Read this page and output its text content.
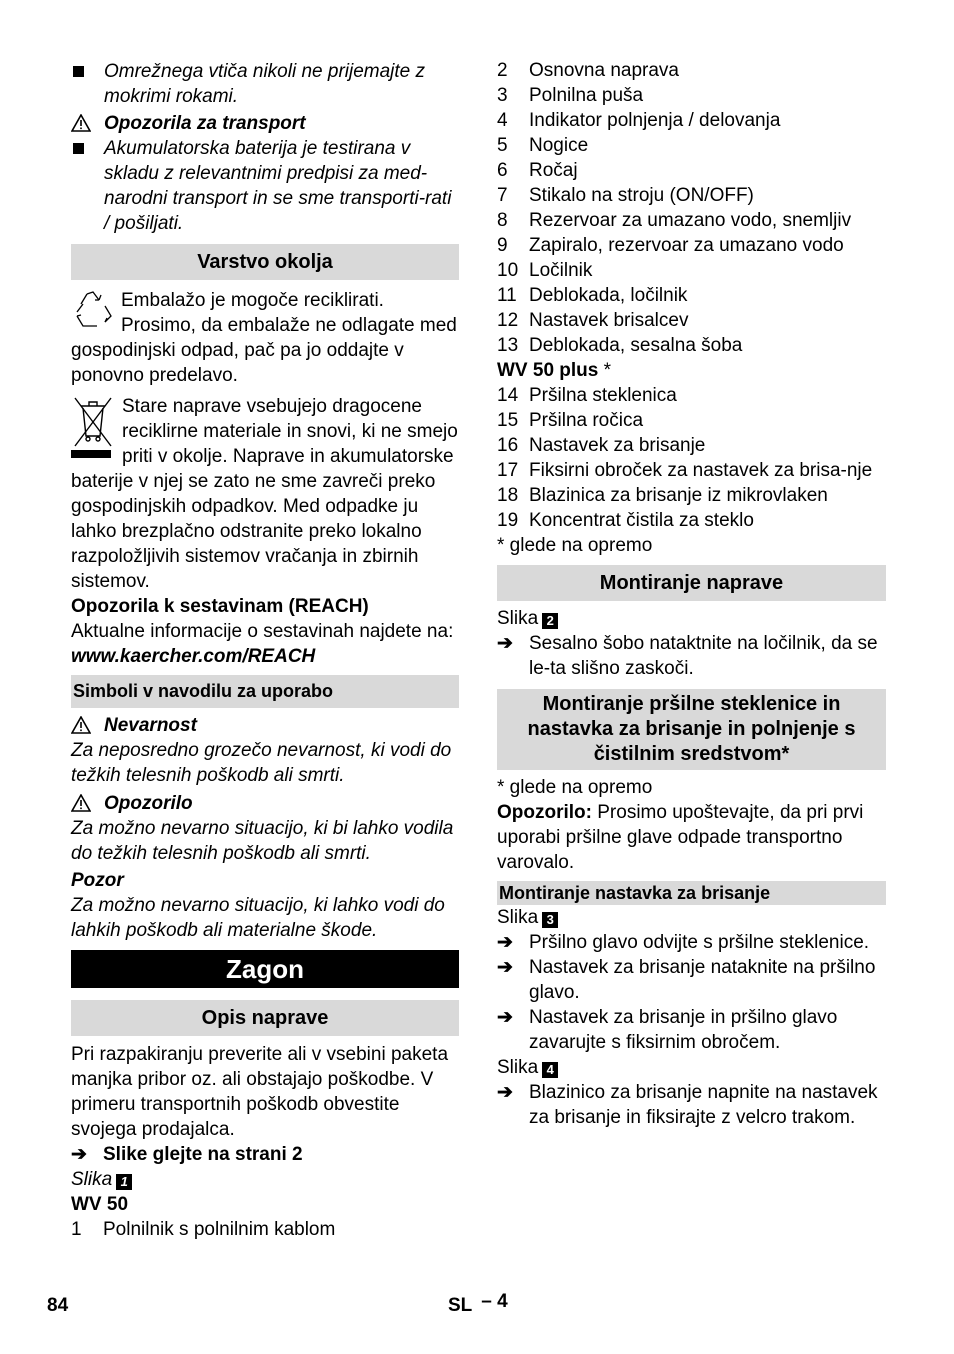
Omrežnega vtiča nikoli ne prijemajte z mokrimi rokami.
Opozorila za transport
Akumulatorska baterija je testirana v skladu z relevantnimi predpisi za med-narodni transport in se sme transporti-rati / pošiljati.
Varstvo okolja
Embalažo je mogoče reciklirati. Prosimo, da embalaže ne odlagate med gospodinjski odpad, pač pa jo oddajte v ponovno predelavo.
Stare naprave vsebujejo dragocene reciklirne materiale in snovi, ki ne smejo priti v okolje. Naprave in akumulatorske baterije v njej se zato ne sme zavreči preko gospodinjskih odpadkov. Med odpadke ju lahko brezplačno odstranite preko lokalno razpoložljivih sistemov vračanja in zbirnih sistemov.
Opozorila k sestavinam (REACH)
Aktualne informacije o sestavinah najdete na:
www.kaercher.com/REACH
Simboli v navodilu za uporabo
Nevarnost
Za neposredno grozečo nevarnost, ki vodi do težkih telesnih poškodb ali smrti.
Opozorilo
Za možno nevarno situacijo, ki bi lahko vodila do težkih telesnih poškodb ali smrti.
Pozor
Za možno nevarno situacijo, ki lahko vodi do lahkih poškodb ali materialne škode.
Zagon
Opis naprave
Pri razpakiranju preverite ali v vsebini paketa manjka pribor oz. ali obstajajo poškodbe. V primeru transportnih poškodb obvestite svojega prodajalca.
➔ Slike glejte na strani 2
Slika 1
WV 50
1 Polnilnik s polnilnim kablom
2 Osnovna naprava
3 Polnilna puša
4 Indikator polnjenja / delovanja
5 Nogice
6 Ročaj
7 Stikalo na stroju (ON/OFF)
8 Rezervoar za umazano vodo, snemljiv
9 Zapiralo, rezervoar za umazano vodo
10 Ločilnik
11 Deblokada, ločilnik
12 Nastavek brisalcev
13 Deblokada, sesalna šoba
WV 50 plus *
14 Pršilna steklenica
15 Pršilna ročica
16 Nastavek za brisanje
17 Fiksirni obroček za nastavek za brisa-nje
18 Blazinica za brisanje iz mikrovlaken
19 Koncentrat čistila za steklo
* glede na opremo
Montiranje naprave
Slika 2
➔ Sesalno šobo nataktnite na ločilnik, da se le-ta slišno zaskoči.
Montiranje pršilne steklenice in nastavka za brisanje in polnjenje s čistilnim sredstvom*
* glede na opremo
Opozorilo: Prosimo upoštevajte, da pri prvi uporabi pršilne glave odpade transportno varovalo.
Montiranje nastavka za brisanje
Slika 3
➔ Pršilno glavo odvijte s pršilne steklenice.
➔ Nastavek za brisanje nataknite na pršilno glavo.
➔ Nastavek za brisanje in pršilno glavo zavarujte s fiksirnim obročem.
Slika 4
➔ Blazinico za brisanje napnite na nastavek za brisanje in fiksirajte z velcro trakom.
84	SL – 4
